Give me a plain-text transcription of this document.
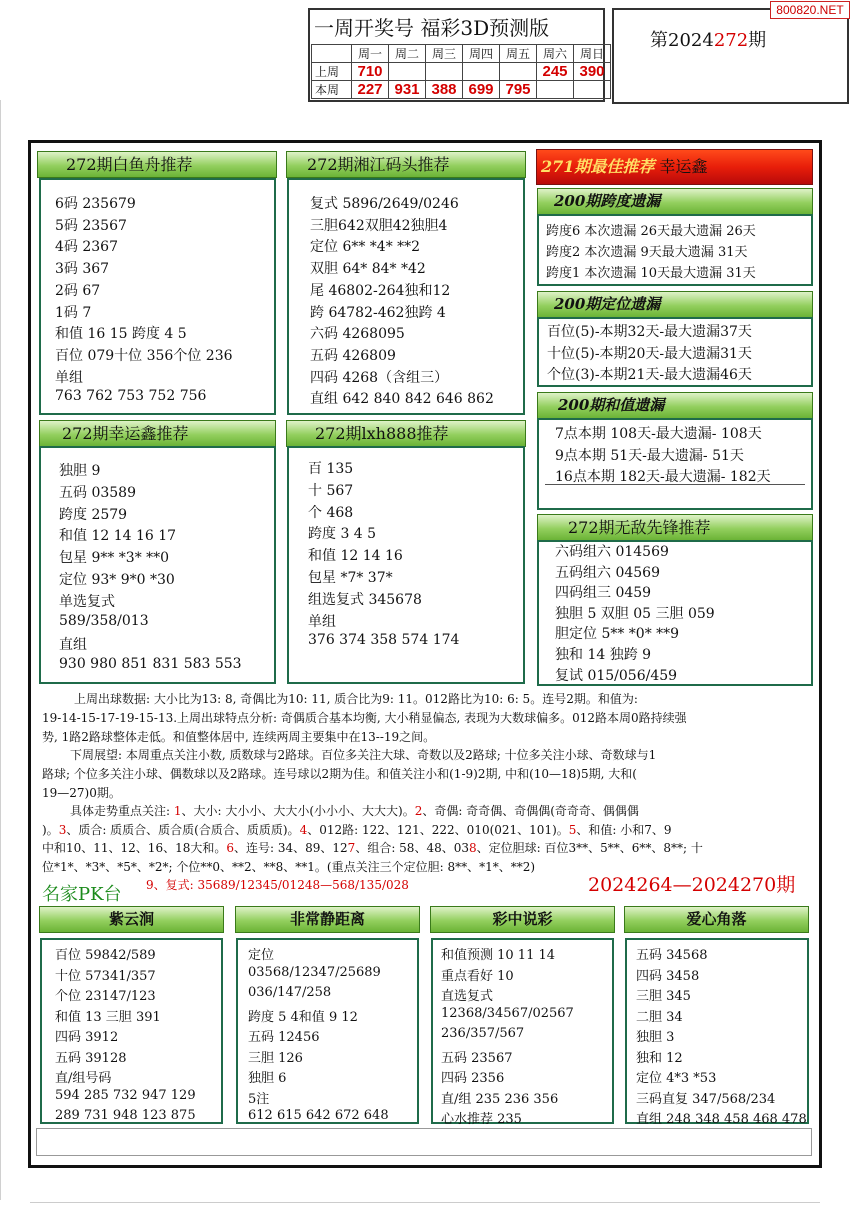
一周开奖号 福彩3D预测版
	周一	周二	周三	周四	周五	周六	周日
上周	710					245	390
本周	227	931	388	699	795		
第2024272期
800820.NET
272期白鱼舟推荐
6码 235679
5码 23567
4码 2367
3码 367
2码 67
1码 7
和值 16 15 跨度 4 5
百位 079十位 356个位 236
单组
763 762 753 752 756
272期湘江码头推荐
复式 5896/2649/0246
三胆642双胆42独胆4
定位 6** *4* **2
双胆 64* 84* *42
尾 46802-264独和12
跨 64782-462独跨 4
六码 4268095
五码 426809
四码 4268（含组三）
直组 642 840 842 646 862
272期幸运鑫推荐
独胆 9
五码 03589
跨度 2579
和值 12 14 16 17
包星 9** *3* **0
定位 93* 9*0 *30
单选复式
589/358/013
直组
930 980 851 831 583 553
272期lxh888推荐
百 135
十 567
个 468
跨度 3 4 5
和值 12 14 16
包星 *7* 37*
组选复式 345678
单组
376 374 358 574 174
271期最佳推荐 幸运鑫
200期跨度遗漏
跨度6 本次遗漏 26天最大遗漏 26天
跨度2 本次遗漏 9天最大遗漏 31天
跨度1 本次遗漏 10天最大遗漏 31天
200期定位遗漏
百位(5)-本期32天-最大遗漏37天
十位(5)-本期20天-最大遗漏31天
个位(3)-本期21天-最大遗漏46天
200期和值遗漏
7点本期 108天-最大遗漏- 108天
9点本期 51天-最大遗漏- 51天
16点本期 182天-最大遗漏- 182天
272期无敌先锋推荐
六码组六 014569
五码组六 04569
四码组三 0459
独胆 5 双胆 05 三胆 059
胆定位 5** *0* **9
独和 14 独跨 9
复试 015/056/459
上周出球数据: 大小比为13: 8, 奇偶比为10: 11, 质合比为9: 11。012路比为10: 6: 5。连号2期。和值为:
19-14-15-17-19-15-13.上周出球特点分析: 奇偶质合基本均衡, 大小稍显偏态, 表现为大数球偏多。012路本周0路持续强
势, 1路2路球整体走低。和值整体居中, 连续两周主要集中在13--19之间。
下周展望: 本周重点关注小数, 质数球与2路球。百位多关注大球、奇数以及2路球; 十位多关注小球、奇数球与1
路球; 个位多关注小球、偶数球以及2路球。连号球以2期为佳。和值关注小和(1-9)2期, 中和(10—18)5期, 大和(
19—27)0期。
具体走势重点关注: 1、大小: 大小小、大大小(小小小、大大大)。2、奇偶: 奇奇偶、奇偶偶(奇奇奇、偶偶偶
)。3、质合: 质质合、质合质(合质合、质质质)。4、012路: 122、121、222、010(021、101)。5、和值: 小和7、9
中和10、11、12、16、18大和。6、连号: 34、89、127、组合: 58、48、038、定位胆球: 百位3**、5**、6**、8**; 十
位*1*、*3*、*5*、*2*; 个位**0、**2、**8、**1。(重点关注三个定位胆: 8**、*1*、**2)
9、复式: 35689/12345/01248—568/135/028
名家PK台	2024264—2024270期
紫云涧	非常静距离	彩中说彩	爱心角落
百位 59842/589
十位 57341/357
个位 23147/123
和值 13 三胆 391
四码 3912
五码 39128
直/组号码
594 285 732 947 129
289 731 948 123 875
定位
03568/12347/25689
036/147/258
跨度 5 4和值 9 12
五码 12456
三胆 126
独胆 6
5注
612 615 642 672 648
和值预测 10 11 14
重点看好 10
直选复式
12368/34567/02567
236/357/567
五码 23567
四码 2356
直/组 235 236 356
心水推荐 235
五码 34568
四码 3458
三胆 345
二胆 34
独胆 3
独和 12
定位 4*3 *53
三码直复 347/568/234
直组 248 348 458 468 478
